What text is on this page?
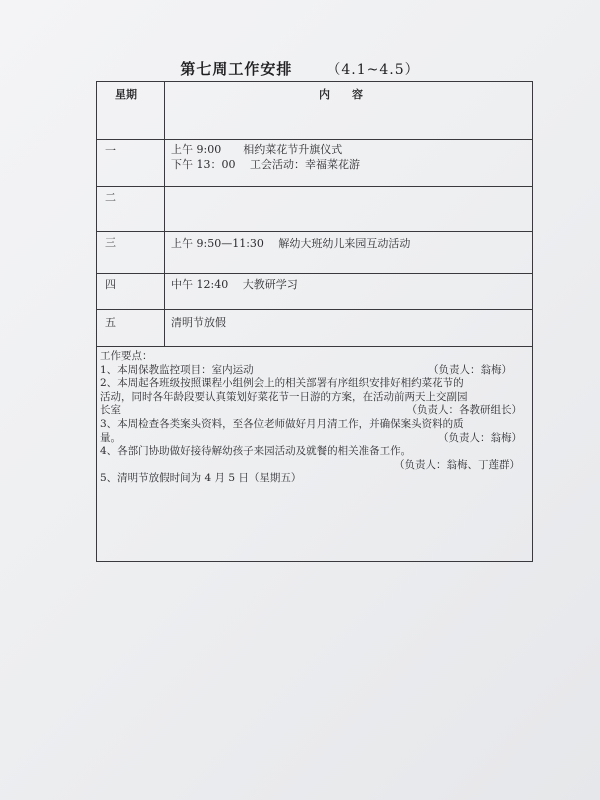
第七周工作安排 （4.1~4.5）
星期	内　　容
一	上午 9:00　　相约菜花节升旗仪式
下午 13：00　 工会活动：幸福菜花游
二
三	上午 9:50—11:30　 解幼大班幼儿来园互动活动
四	中午 12:40　 大教研学习
五	清明节放假
工作要点：
1、本周保教监控项目：室内运动	（负责人：翁梅）
2、本周起各班级按照课程小组例会上的相关部署有序组织安排好相约菜花节的
活动，同时各年龄段要认真策划好菜花节一日游的方案，在活动前两天上交副园
长室	（负责人：各教研组长）
3、本周检查各类案头资料，至各位老师做好月月清工作，并确保案头资料的质
量。	（负责人：翁梅）
4、各部门协助做好接待解幼孩子来园活动及就餐的相关准备工作。
（负责人：翁梅、丁莲群）
5、清明节放假时间为 4 月 5 日（星期五）
